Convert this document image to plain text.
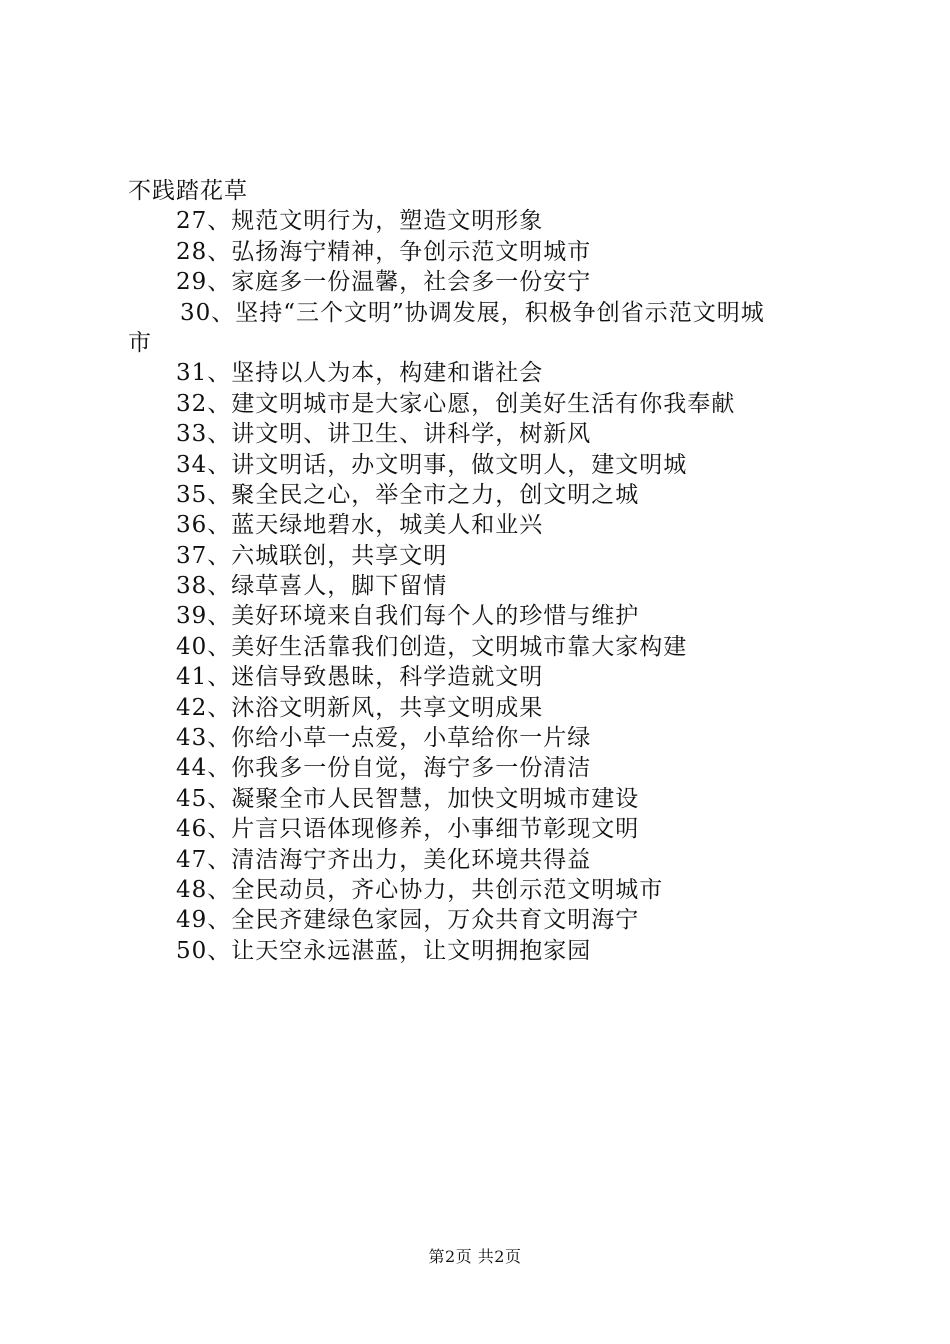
不践踏花草
27、规范文明行为，塑造文明形象
28、弘扬海宁精神，争创示范文明城市
29、家庭多一份温馨，社会多一份安宁
30、坚持“三个文明”协调发展，积极争创省示范文明城
市
31、坚持以人为本，构建和谐社会
32、建文明城市是大家心愿，创美好生活有你我奉献
33、讲文明、讲卫生、讲科学，树新风
34、讲文明话，办文明事，做文明人，建文明城
35、聚全民之心，举全市之力，创文明之城
36、蓝天绿地碧水，城美人和业兴
37、六城联创，共享文明
38、绿草喜人，脚下留情
39、美好环境来自我们每个人的珍惜与维护
40、美好生活靠我们创造，文明城市靠大家构建
41、迷信导致愚昧，科学造就文明
42、沐浴文明新风，共享文明成果
43、你给小草一点爱，小草给你一片绿
44、你我多一份自觉，海宁多一份清洁
45、凝聚全市人民智慧，加快文明城市建设
46、片言只语体现修养，小事细节彰现文明
47、清洁海宁齐出力，美化环境共得益
48、全民动员，齐心协力，共创示范文明城市
49、全民齐建绿色家园，万众共育文明海宁
50、让天空永远湛蓝，让文明拥抱家园
第2页 共2页
